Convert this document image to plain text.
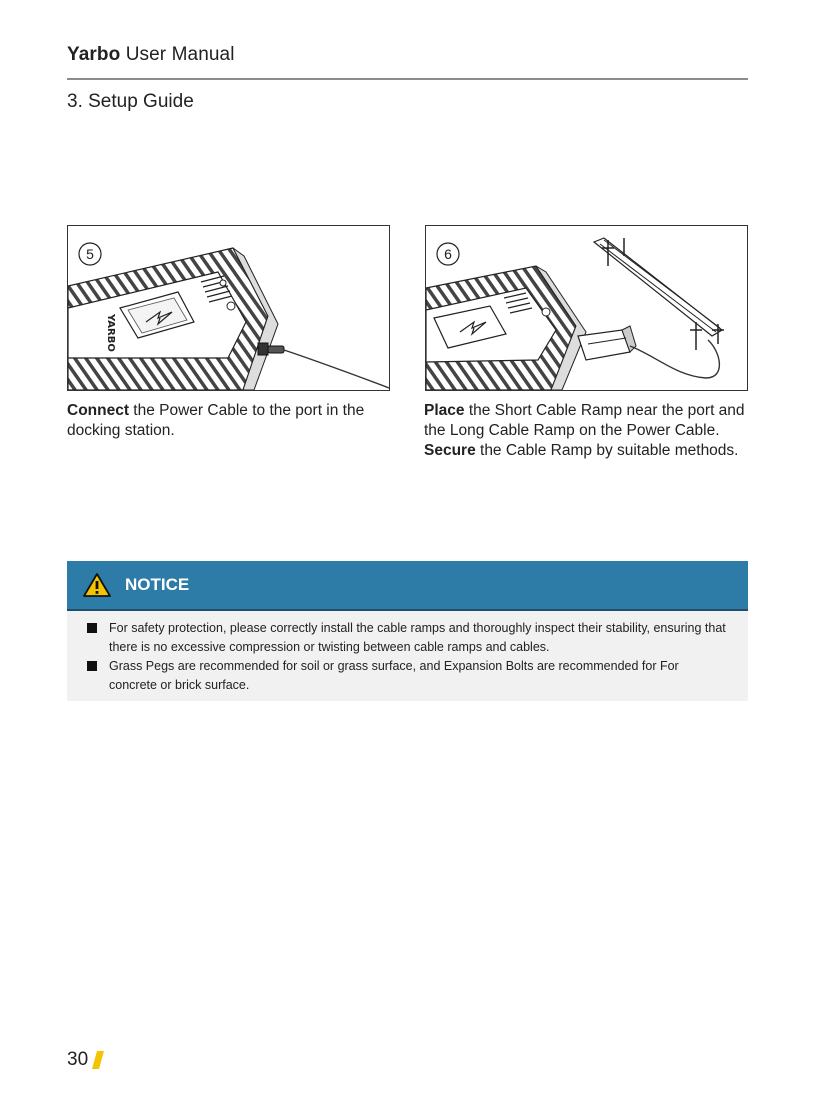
Yarbo User Manual
3. Setup Guide
YARBO
5	6
Connect the Power Cable to the port in the docking station.
Place the Short Cable Ramp near the port and the Long Cable Ramp on the Power Cable. Secure the Cable Ramp by suitable methods.
NOTICE
For safety protection, please correctly install the cable ramps and thoroughly inspect their stability, ensuring that there is no excessive compression or twisting between cable ramps and cables.
Grass Pegs are recommended for soil or grass surface, and Expansion Bolts are recommended for For concrete or brick surface.
30
